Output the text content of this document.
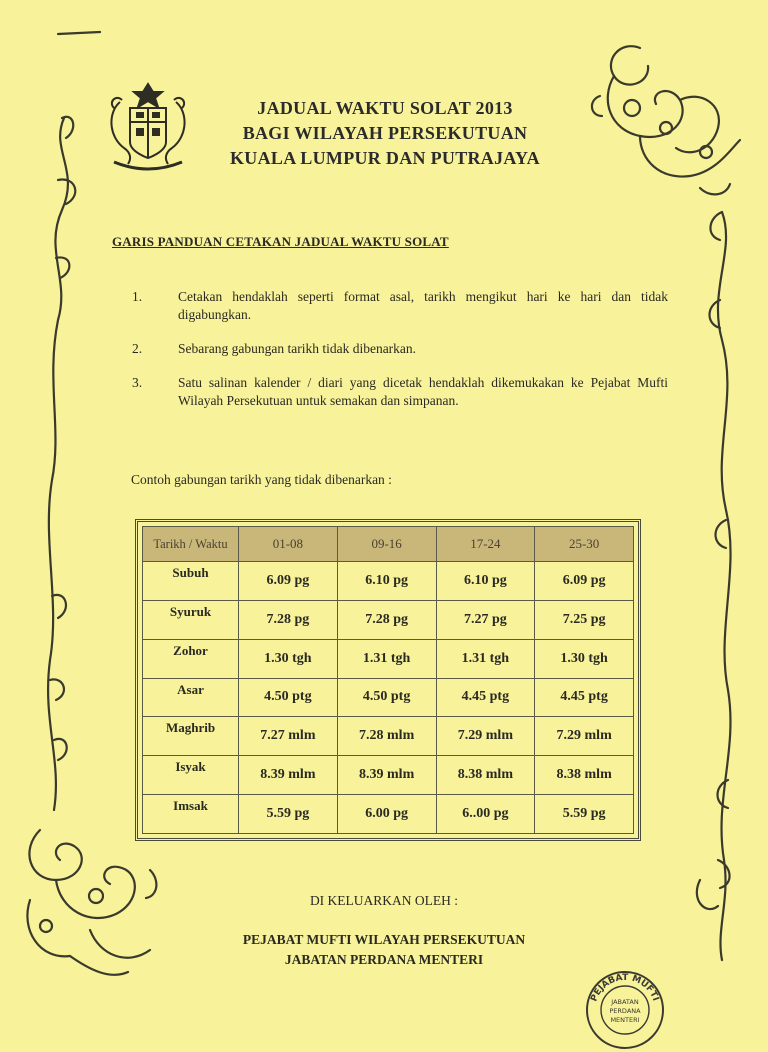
JADUAL WAKTU SOLAT 2013
BAGI WILAYAH PERSEKUTUAN
KUALA LUMPUR DAN PUTRAJAYA
GARIS PANDUAN CETAKAN JADUAL WAKTU SOLAT
1.	Cetakan hendaklah seperti format asal, tarikh mengikut hari ke hari dan tidak digabungkan.
2.	Sebarang gabungan tarikh tidak dibenarkan.
3.	Satu salinan kalender / diari yang dicetak hendaklah dikemukakan ke Pejabat Mufti Wilayah Persekutuan untuk semakan dan simpanan.
Contoh gabungan tarikh yang tidak dibenarkan :
Tarikh / Waktu	01-08	09-16	17-24	25-30
Subuh	6.09 pg	6.10 pg	6.10 pg	6.09 pg
Syuruk	7.28 pg	7.28 pg	7.27 pg	7.25 pg
Zohor	1.30 tgh	1.31 tgh	1.31 tgh	1.30 tgh
Asar	4.50 ptg	4.50 ptg	4.45 ptg	4.45 ptg
Maghrib	7.27 mlm	7.28 mlm	7.29 mlm	7.29 mlm
Isyak	8.39 mlm	8.39 mlm	8.38 mlm	8.38 mlm
Imsak	5.59 pg	6.00 pg	6..00 pg	5.59 pg
DI KELUARKAN OLEH :
PEJABAT MUFTI WILAYAH PERSEKUTUAN
JABATAN PERDANA MENTERI
PEJABAT MUFTI
JABATAN
PERDANA
MENTERI
